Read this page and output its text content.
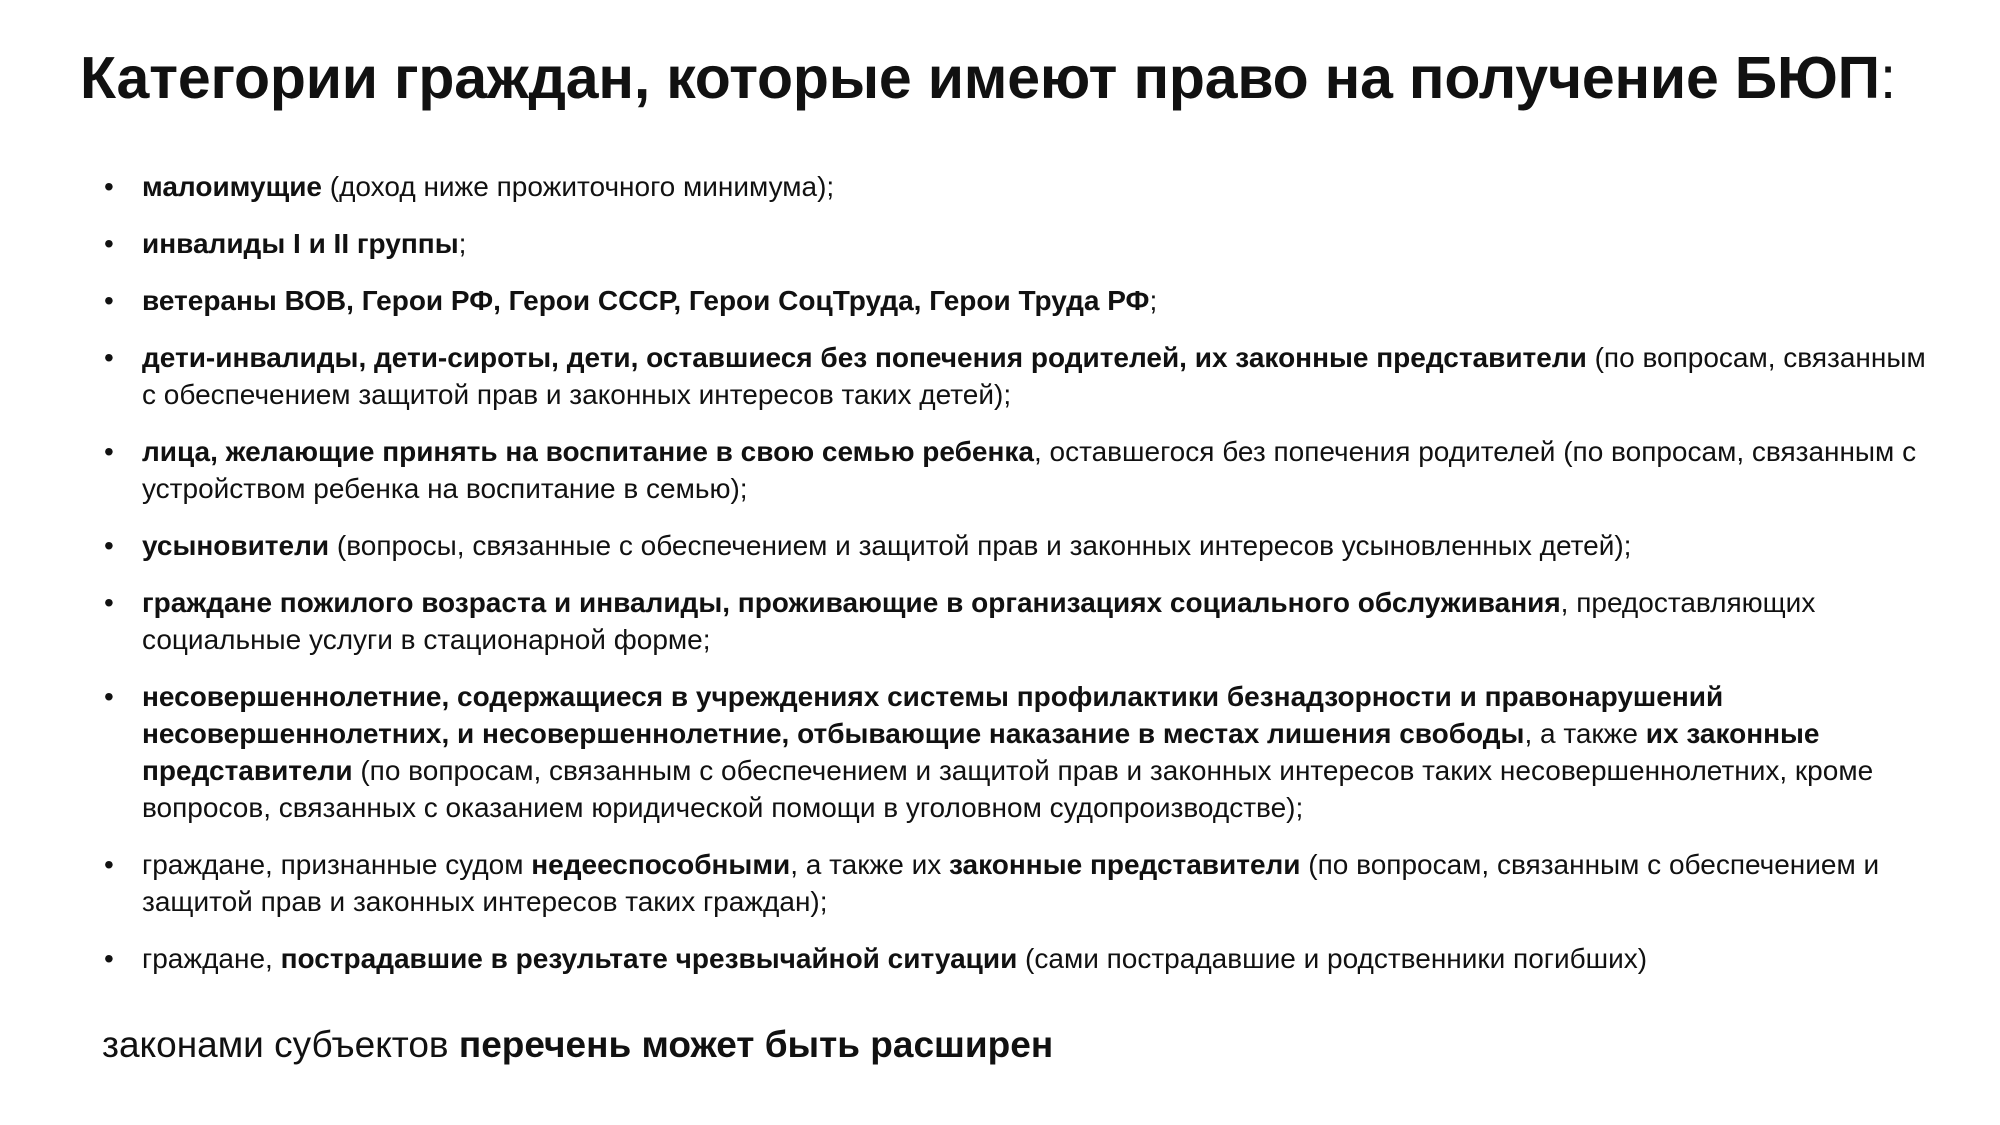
Категории граждан, которые имеют право на получение БЮП:
• малоимущие (доход ниже прожиточного минимума);
• инвалиды I и II группы;
• ветераны ВОВ, Герои РФ, Герои СССР, Герои СоцТруда, Герои Труда РФ;
• дети-инвалиды, дети-сироты, дети, оставшиеся без попечения родителей, их законные представители (по вопросам, связанным с обеспечением защитой прав и законных интересов таких детей);
• лица, желающие принять на воспитание в свою семью ребенка, оставшегося без попечения родителей (по вопросам, связанным с устройством ребенка на воспитание в семью);
• усыновители (вопросы, связанные с обеспечением и защитой прав и законных интересов усыновленных детей);
• граждане пожилого возраста и инвалиды, проживающие в организациях социального обслуживания, предоставляющих социальные услуги в стационарной форме;
• несовершеннолетние, содержащиеся в учреждениях системы профилактики безнадзорности и правонарушений несовершеннолетних, и несовершеннолетние, отбывающие наказание в местах лишения свободы, а также их законные представители (по вопросам, связанным с обеспечением и защитой прав и законных интересов таких несовершеннолетних, кроме вопросов, связанных с оказанием юридической помощи в уголовном судопроизводстве);
• граждане, признанные судом недееспособными, а также их законные представители (по вопросам, связанным с обеспечением и защитой прав и законных интересов таких граждан);
• граждане, пострадавшие в результате чрезвычайной ситуации (сами пострадавшие и родственники погибших)
законами субъектов перечень может быть расширен
